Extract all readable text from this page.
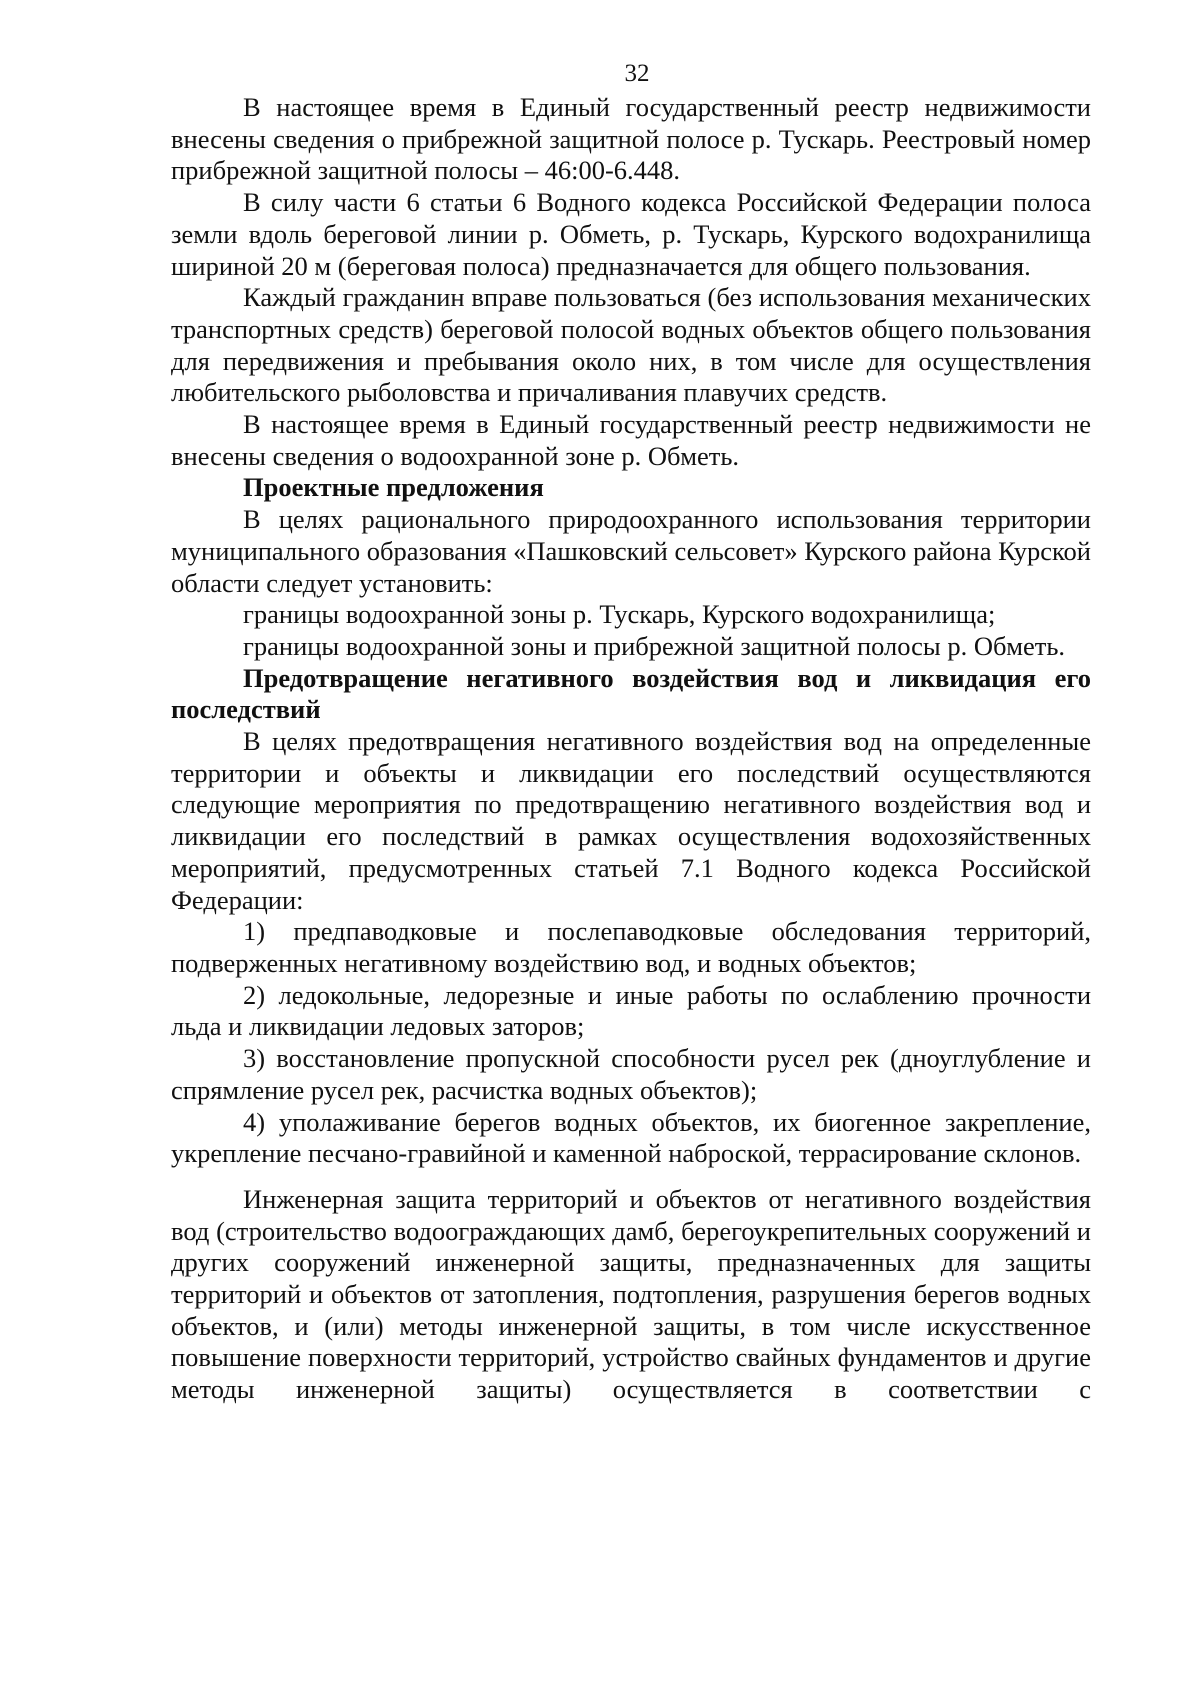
32

В настоящее время в Единый государственный реестр недвижимости внесены сведения о прибрежной защитной полосе р. Тускарь. Реестровый номер прибрежной защитной полосы – 46:00-6.448.

В силу части 6 статьи 6 Водного кодекса Российской Федерации полоса земли вдоль береговой линии р. Обметь, р. Тускарь, Курского водохранилища шириной 20 м (береговая полоса) предназначается для общего пользования.

Каждый гражданин вправе пользоваться (без использования механических транспортных средств) береговой полосой водных объектов общего пользования для передвижения и пребывания около них, в том числе для осуществления любительского рыболовства и причаливания плавучих средств.

В настоящее время в Единый государственный реестр недвижимости не внесены сведения о водоохранной зоне р. Обметь.

Проектные предложения

В целях рационального природоохранного использования территории муниципального образования «Пашковский сельсовет» Курского района Курской области следует установить:

границы водоохранной зоны р. Тускарь, Курского водохранилища;

границы водоохранной зоны и прибрежной защитной полосы р. Обметь.

Предотвращение негативного воздействия вод и ликвидация его последствий

В целях предотвращения негативного воздействия вод на определенные территории и объекты и ликвидации его последствий осуществляются следующие мероприятия по предотвращению негативного воздействия вод и ликвидации его последствий в рамках осуществления водохозяйственных мероприятий, предусмотренных статьей 7.1 Водного кодекса Российской Федерации:

1) предпаводковые и послепаводковые обследования территорий, подверженных негативному воздействию вод, и водных объектов;

2) ледокольные, ледорезные и иные работы по ослаблению прочности льда и ликвидации ледовых заторов;

3) восстановление пропускной способности русел рек (дноуглубление и спрямление русел рек, расчистка водных объектов);

4) уполаживание берегов водных объектов, их биогенное закрепление, укрепление песчано-гравийной и каменной наброской, террасирование склонов.

Инженерная защита территорий и объектов от негативного воздействия вод (строительство водоограждающих дамб, берегоукрепительных сооружений и других сооружений инженерной защиты, предназначенных для защиты территорий и объектов от затопления, подтопления, разрушения берегов водных объектов, и (или) методы инженерной защиты, в том числе искусственное повышение поверхности территорий, устройство свайных фундаментов и другие методы инженерной защиты) осуществляется в соответствии с
